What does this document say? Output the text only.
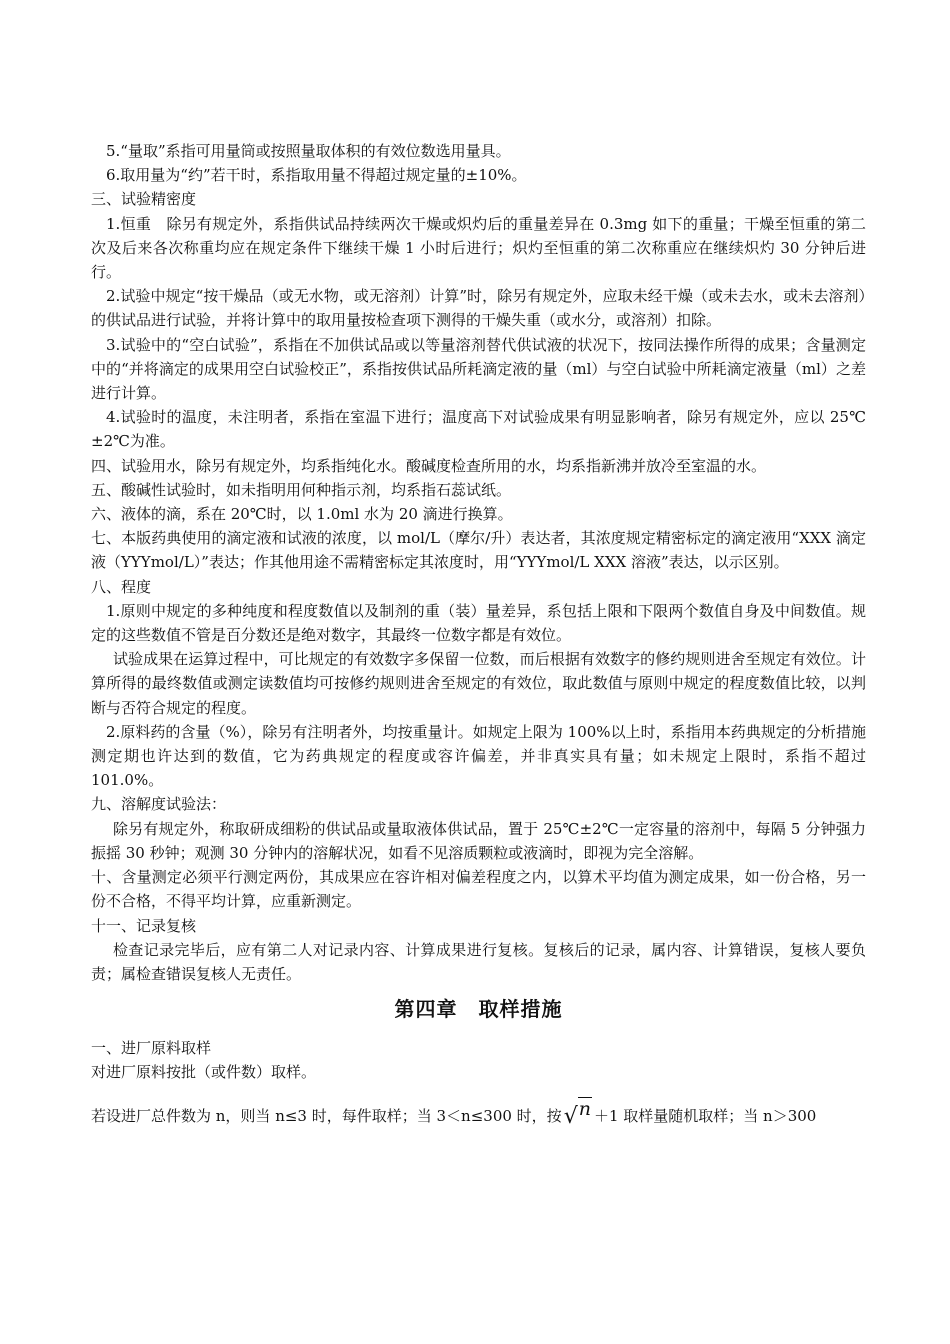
5.“量取”系指可用量筒或按照量取体积的有效位数选用量具。

6.取用量为“约”若干时，系指取用量不得超过规定量的±10%。

三、试验精密度

1.恒重　除另有规定外，系指供试品持续两次干燥或炽灼后的重量差异在 0.3mg 如下的重量；干燥至恒重的第二次及后来各次称重均应在规定条件下继续干燥 1 小时后进行；炽灼至恒重的第二次称重应在继续炽灼 30 分钟后进行。

2.试验中规定“按干燥品（或无水物，或无溶剂）计算”时，除另有规定外，应取未经干燥（或未去水，或未去溶剂）的供试品进行试验，并将计算中的取用量按检查项下测得的干燥失重（或水分，或溶剂）扣除。

3.试验中的“空白试验”，系指在不加供试品或以等量溶剂替代供试液的状况下，按同法操作所得的成果；含量测定中的“并将滴定的成果用空白试验校正”，系指按供试品所耗滴定液的量（ml）与空白试验中所耗滴定液量（ml）之差进行计算。

4.试验时的温度，未注明者，系指在室温下进行；温度高下对试验成果有明显影响者，除另有规定外，应以 25℃±2℃为准。

四、试验用水，除另有规定外，均系指纯化水。酸碱度检查所用的水，均系指新沸并放冷至室温的水。

五、酸碱性试验时，如未指明用何种指示剂，均系指石蕊试纸。

六、液体的滴，系在 20℃时，以 1.0ml 水为 20 滴进行换算。

七、本版药典使用的滴定液和试液的浓度，以 mol/L（摩尔/升）表达者，其浓度规定精密标定的滴定液用“XXX 滴定液（YYYmol/L）”表达；作其他用途不需精密标定其浓度时，用“YYYmol/L XXX 溶液”表达，以示区别。

八、程度

1.原则中规定的多种纯度和程度数值以及制剂的重（装）量差异，系包括上限和下限两个数值自身及中间数值。规定的这些数值不管是百分数还是绝对数字，其最终一位数字都是有效位。

试验成果在运算过程中，可比规定的有效数字多保留一位数，而后根据有效数字的修约规则进舍至规定有效位。计算所得的最终数值或测定读数值均可按修约规则进舍至规定的有效位，取此数值与原则中规定的程度数值比较，以判断与否符合规定的程度。

2.原料药的含量（%），除另有注明者外，均按重量计。如规定上限为 100%以上时，系指用本药典规定的分析措施测定期也许达到的数值，它为药典规定的程度或容许偏差，并非真实具有量；如未规定上限时，系指不超过 101.0%。

九、溶解度试验法：

除另有规定外，称取研成细粉的供试品或量取液体供试品，置于 25℃±2℃一定容量的溶剂中，每隔 5 分钟强力振摇 30 秒钟；观测 30 分钟内的溶解状况，如看不见溶质颗粒或液滴时，即视为完全溶解。

十、含量测定必须平行测定两份，其成果应在容许相对偏差程度之内，以算术平均值为测定成果，如一份合格，另一份不合格，不得平均计算，应重新测定。

十一、记录复核

检查记录完毕后，应有第二人对记录内容、计算成果进行复核。复核后的记录，属内容、计算错误，复核人要负责；属检查错误复核人无责任。

第四章　取样措施

一、进厂原料取样

对进厂原料按批（或件数）取样。

若设进厂总件数为 n，则当 n≤3 时，每件取样；当 3＜n≤300 时，按√n ＋1 取样量随机取样；当 n＞300
